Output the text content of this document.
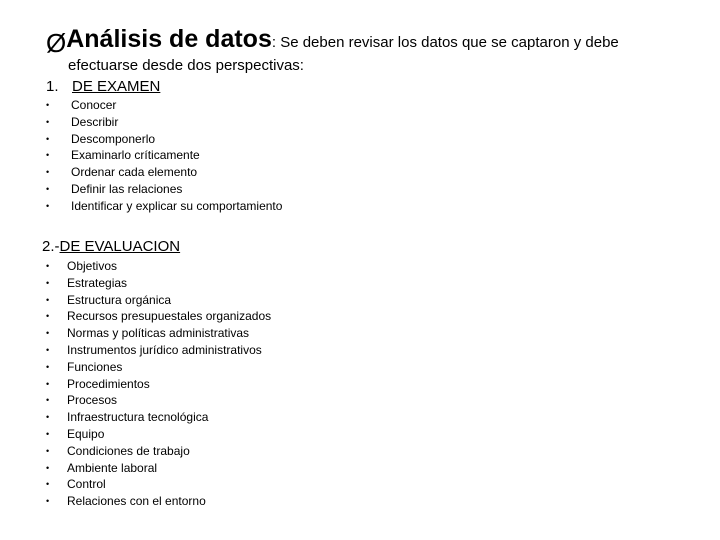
ØAnálisis de datos: Se deben revisar los datos que se captaron y debe
efectuarse desde dos perspectivas:
1. DE EXAMEN
• Conocer
• Describir
• Descomponerlo
• Examinarlo críticamente
• Ordenar cada elemento
• Definir las relaciones
• Identificar y explicar su comportamiento
2.-DE EVALUACION
• Objetivos
• Estrategias
• Estructura orgánica
• Recursos presupuestales organizados
• Normas y políticas administrativas
• Instrumentos jurídico administrativos
• Funciones
• Procedimientos
• Procesos
• Infraestructura tecnológica
• Equipo
• Condiciones de trabajo
• Ambiente laboral
• Control
• Relaciones con el entorno
